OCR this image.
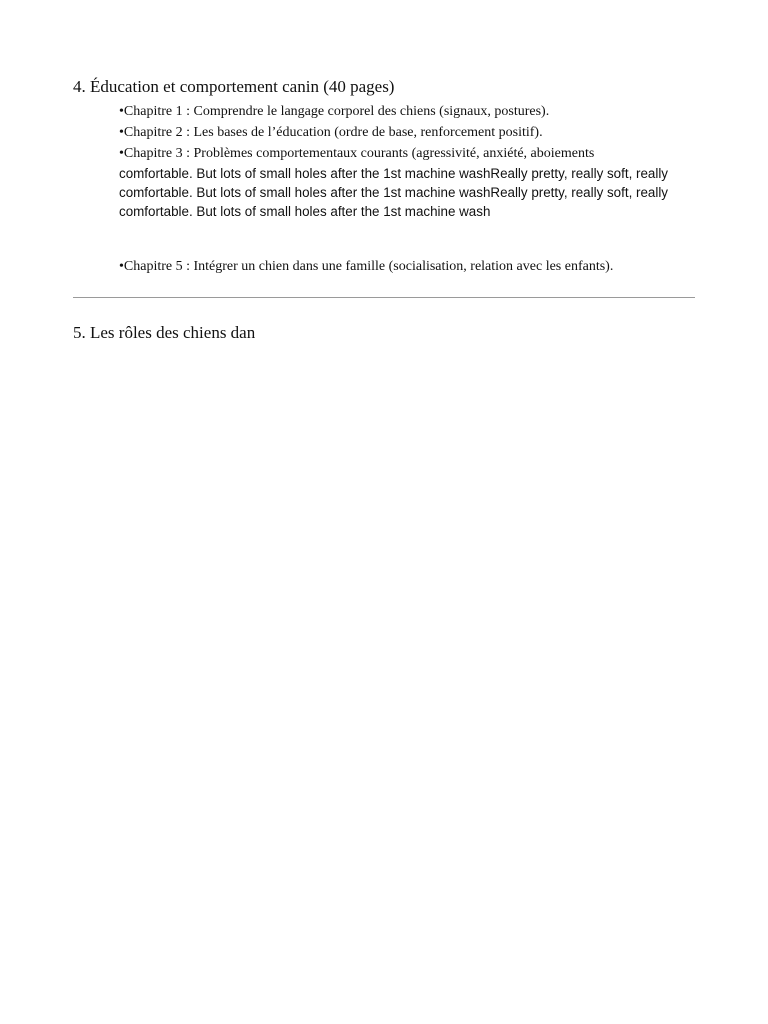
4. Éducation et comportement canin (40 pages)
•Chapitre 1 : Comprendre le langage corporel des chiens (signaux, postures).
•Chapitre 2 : Les bases de l’éducation (ordre de base, renforcement positif).
•Chapitre 3 : Problèmes comportementaux courants (agressivité, anxiété, aboiements
comfortable. But lots of small holes after the 1st machine washReally pretty, really soft, really comfortable. But lots of small holes after the 1st machine washReally pretty, really soft, really comfortable. But lots of small holes after the 1st machine wash
•Chapitre 5 : Intégrer un chien dans une famille (socialisation, relation avec les enfants).
5. Les rôles des chiens dan
